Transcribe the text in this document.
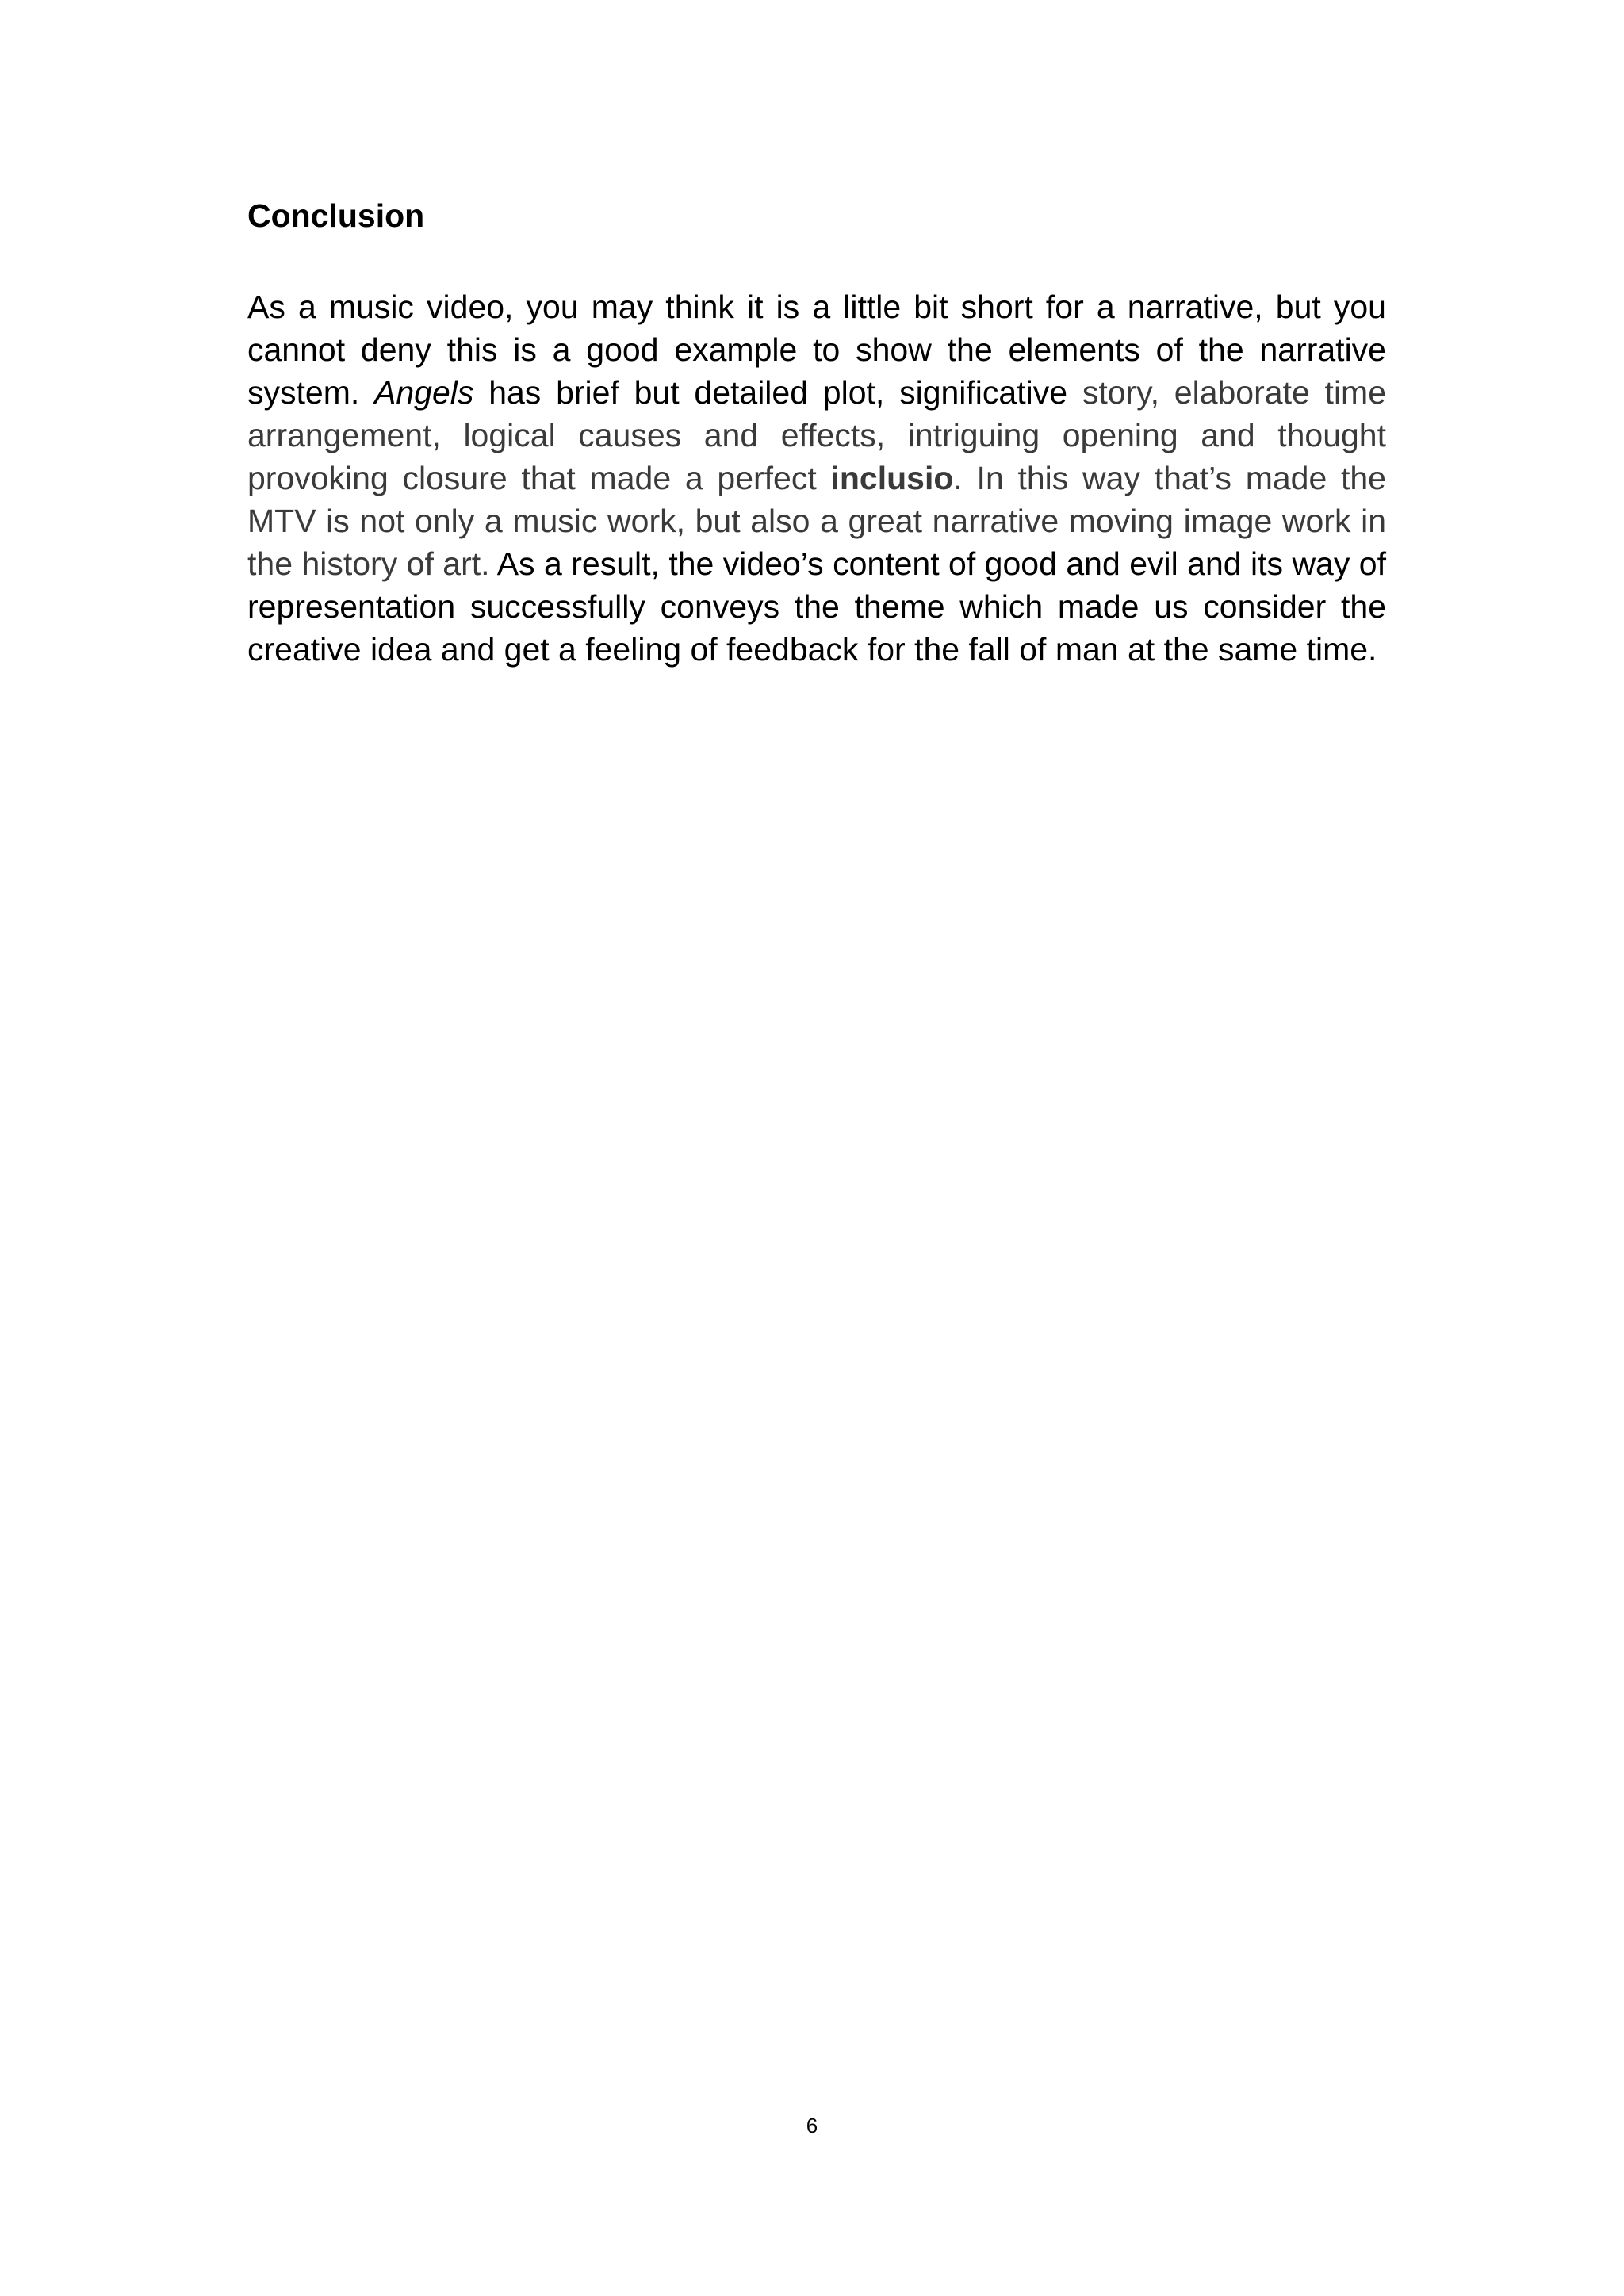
Conclusion

As a music video, you may think it is a little bit short for a narrative, but you cannot deny this is a good example to show the elements of the narrative system. Angels has brief but detailed plot, significative story, elaborate time arrangement, logical causes and effects, intriguing opening and thought provoking closure that made a perfect inclusio. In this way that’s made the MTV is not only a music work, but also a great narrative moving image work in the history of art. As a result, the video’s content of good and evil and its way of representation successfully conveys the theme which made us consider the creative idea and get a feeling of feedback for the fall of man at the same time.

6
